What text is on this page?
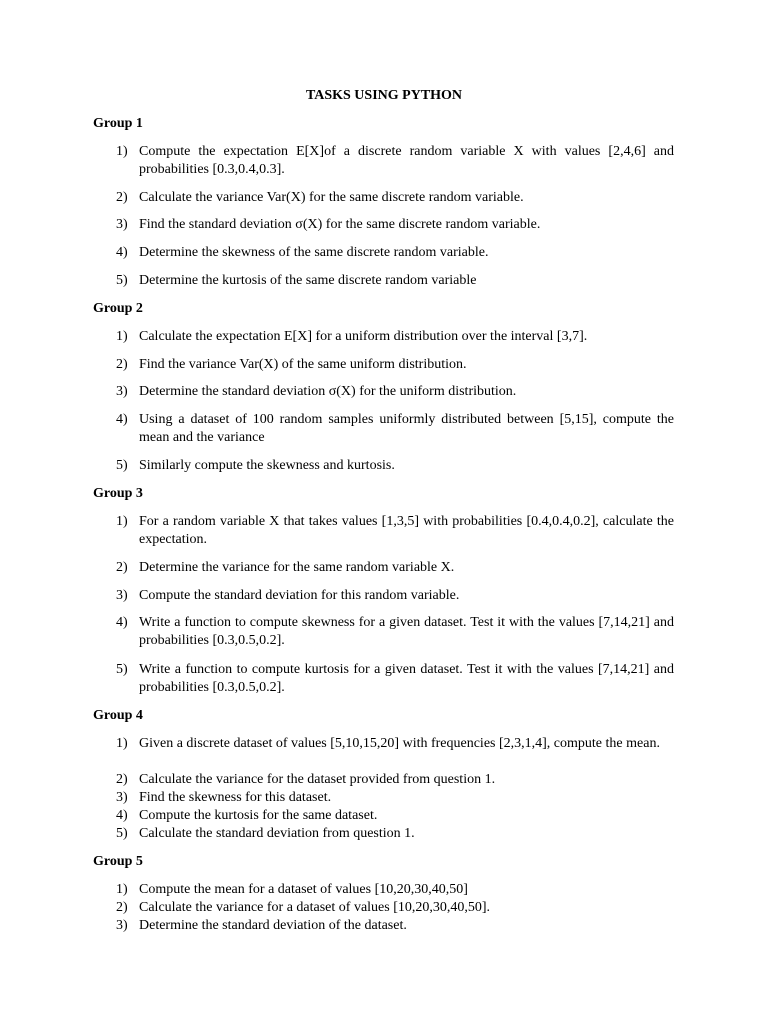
TASKS USING PYTHON
Group 1
1) Compute the expectation E[X]of a discrete random variable X with values [2,4,6] and probabilities [0.3,0.4,0.3].
2) Calculate the variance Var(X) for the same discrete random variable.
3) Find the standard deviation σ(X) for the same discrete random variable.
4) Determine the skewness of the same discrete random variable.
5) Determine the kurtosis of the same discrete random variable
Group 2
1) Calculate the expectation E[X] for a uniform distribution over the interval [3,7].
2) Find the variance Var(X) of the same uniform distribution.
3) Determine the standard deviation σ(X) for the uniform distribution.
4) Using a dataset of 100 random samples uniformly distributed between [5,15], compute the mean and the variance
5) Similarly compute the skewness and kurtosis.
Group 3
1) For a random variable X that takes values [1,3,5] with probabilities [0.4,0.4,0.2], calculate the expectation.
2) Determine the variance for the same random variable X.
3) Compute the standard deviation for this random variable.
4) Write a function to compute skewness for a given dataset. Test it with the values [7,14,21] and probabilities [0.3,0.5,0.2].
5) Write a function to compute kurtosis for a given dataset. Test it with the values [7,14,21] and probabilities [0.3,0.5,0.2].
Group 4
1) Given a discrete dataset of values [5,10,15,20] with frequencies [2,3,1,4], compute the mean.
2) Calculate the variance for the dataset provided from question 1.
3) Find the skewness for this dataset.
4) Compute the kurtosis for the same dataset.
5) Calculate the standard deviation from question 1.
Group 5
1) Compute the mean for a dataset of values [10,20,30,40,50]
2) Calculate the variance for a dataset of values [10,20,30,40,50].
3) Determine the standard deviation of the dataset.
